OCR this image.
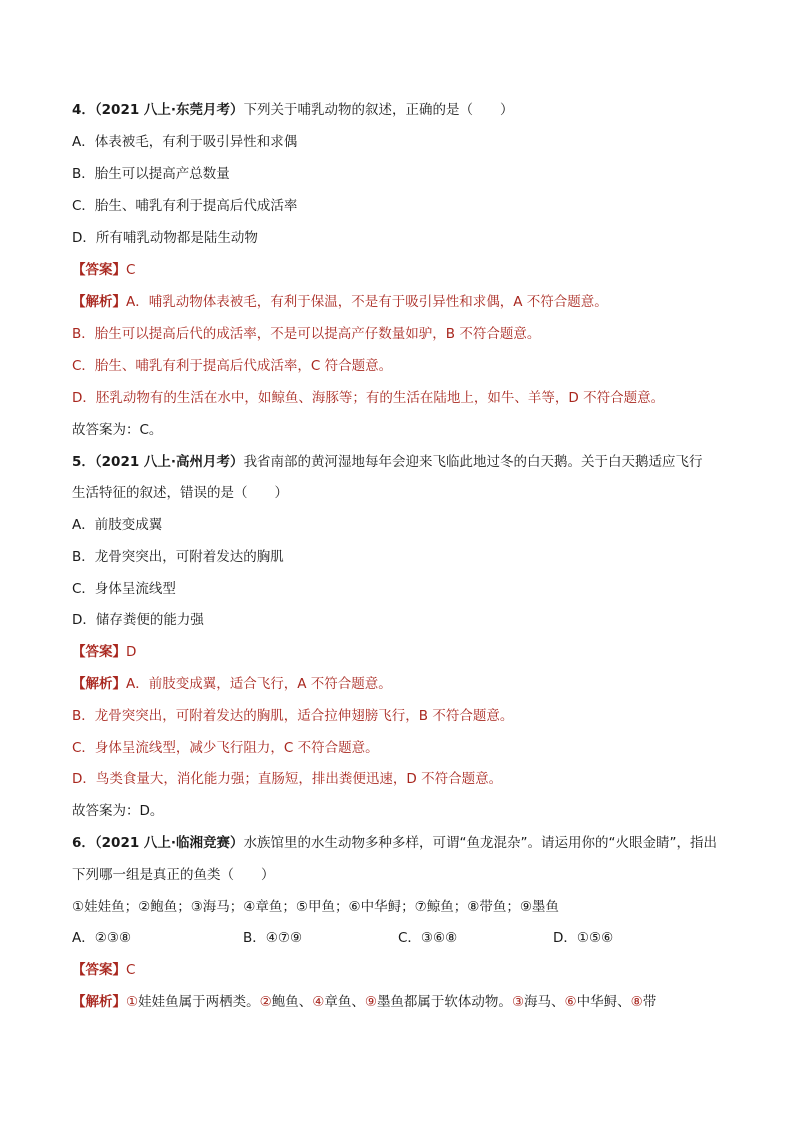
4．（2021 八上·东莞月考）下列关于哺乳动物的叙述，正确的是（　　）
A．体表被毛，有利于吸引异性和求偶
B．胎生可以提高产总数量
C．胎生、哺乳有利于提高后代成活率
D．所有哺乳动物都是陆生动物
【答案】C
【解析】A．哺乳动物体表被毛，有利于保温，不是有于吸引异性和求偶，A 不符合题意。
B．胎生可以提高后代的成活率，不是可以提高产仔数量如驴，B 不符合题意。
C．胎生、哺乳有利于提高后代成活率，C 符合题意。
D．胚乳动物有的生活在水中，如鲸鱼、海豚等；有的生活在陆地上，如牛、羊等，D 不符合题意。
故答案为：C。
5．（2021 八上·高州月考）我省南部的黄河湿地每年会迎来飞临此地过冬的白天鹅。关于白天鹅适应飞行
生活特征的叙述，错误的是（　　）
A．前肢变成翼
B．龙骨突突出，可附着发达的胸肌
C．身体呈流线型
D．储存粪便的能力强
【答案】D
【解析】A．前肢变成翼，适合飞行，A 不符合题意。
B．龙骨突突出，可附着发达的胸肌，适合拉伸翅膀飞行，B 不符合题意。
C．身体呈流线型，减少飞行阻力，C 不符合题意。
D．鸟类食量大，消化能力强；直肠短，排出粪便迅速，D 不符合题意。
故答案为：D。
6．（2021 八上·临湘竞赛）水族馆里的水生动物多种多样，可谓“鱼龙混杂”。请运用你的“火眼金睛”，指出
下列哪一组是真正的鱼类（　　）
①娃娃鱼；②鲍鱼；③海马；④章鱼；⑤甲鱼；⑥中华鲟；⑦鲸鱼；⑧带鱼；⑨墨鱼
A．②③⑧	B．④⑦⑨	C．③⑥⑧	D．①⑤⑥
【答案】C
【解析】①娃娃鱼属于两栖类。②鲍鱼、④章鱼、⑨墨鱼都属于软体动物。③海马、⑥中华鲟、⑧带
